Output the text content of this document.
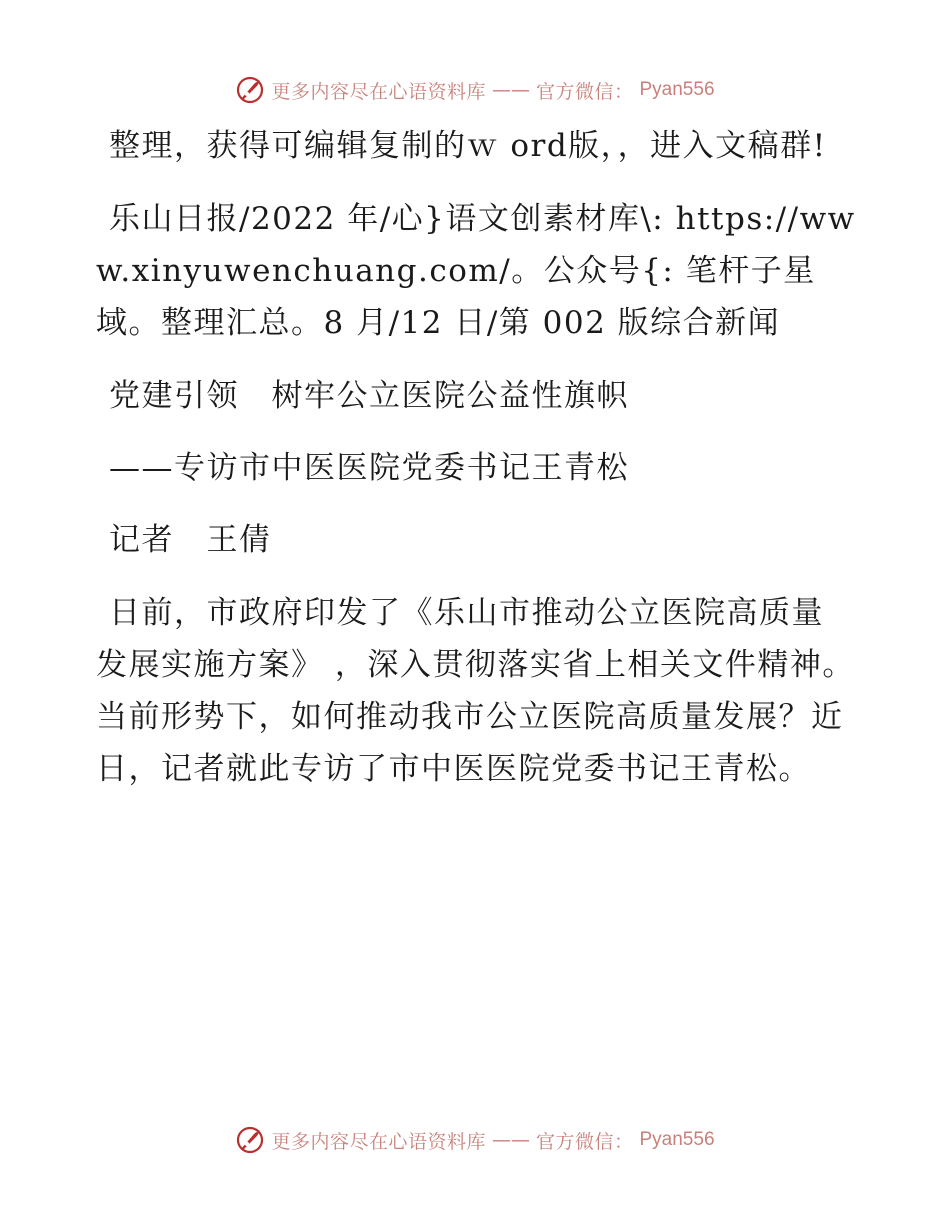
更多内容尽在心语资料库 —— 官方微信： Pyan556

整理，获得可编辑复制的ｗ ord版，，进入文稿群!

乐山日报/2022 年/心}语文创素材库\: https://www.xinyuwenchuang.com/。公众号{: 笔杆子星域。整理汇总。8 月/12 日/第 002 版综合新闻

党建引领　树牢公立医院公益性旗帜

——专访市中医医院党委书记王青松

记者　王倩

日前，市政府印发了《乐山市推动公立医院高质量发展实施方案》 ，深入贯彻落实省上相关文件精神。当前形势下，如何推动我市公立医院高质量发展？近日，记者就此专访了市中医医院党委书记王青松。

更多内容尽在心语资料库 —— 官方微信： Pyan556
